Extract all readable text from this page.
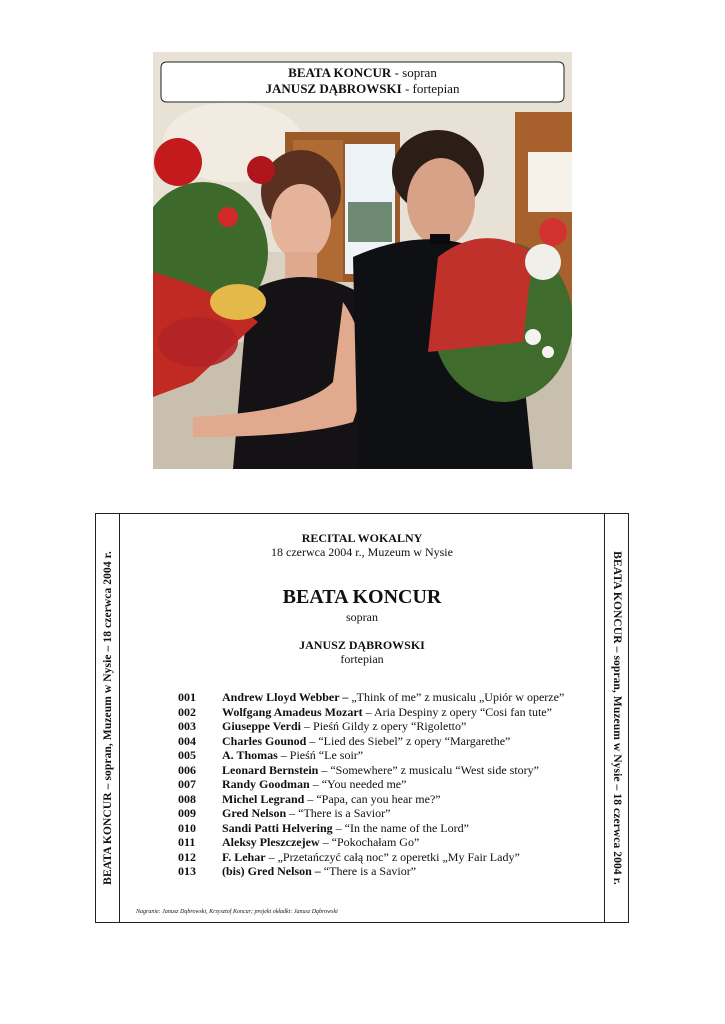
BEATA KONCUR - sopran
JANUSZ DĄBROWSKI - fortepian
BEATA KONCUR – sopran, Muzeum w Nysie – 18 czerwca 2004 r.
RECITAL WOKALNY
18 czerwca 2004 r., Muzeum w Nysie
BEATA KONCUR
sopran
JANUSZ DĄBROWSKI
fortepian
001	Andrew Lloyd Webber – „Think of me” z musicalu „Upiór w operze”
002	Wolfgang Amadeus Mozart – Aria Despiny z opery “Cosi fan tute”
003	Giuseppe Verdi – Pieśń Gildy z opery “Rigoletto”
004	Charles Gounod – “Lied des Siebel” z opery “Margarethe”
005	A. Thomas – Pieśń “Le soir”
006	Leonard Bernstein – “Somewhere” z musicalu “West side story”
007	Randy Goodman – “You needed me”
008	Michel Legrand – “Papa, can you hear me?”
009	Gred Nelson – “There is a Savior”
010	Sandi Patti Helvering – “In the name of the Lord”
011	Aleksy Pleszczejew – “Pokochałam Go”
012	F. Lehar – „Przetańczyć całą noc” z operetki „My Fair Lady”
013	(bis) Gred Nelson – “There is a Savior”
Nagranie: Janusz Dąbrowski, Krzysztof Koncur; projekt okładki: Janusz Dąbrowski
BEATA KONCUR – sopran, Muzeum w Nysie – 18 czerwca 2004 r.
